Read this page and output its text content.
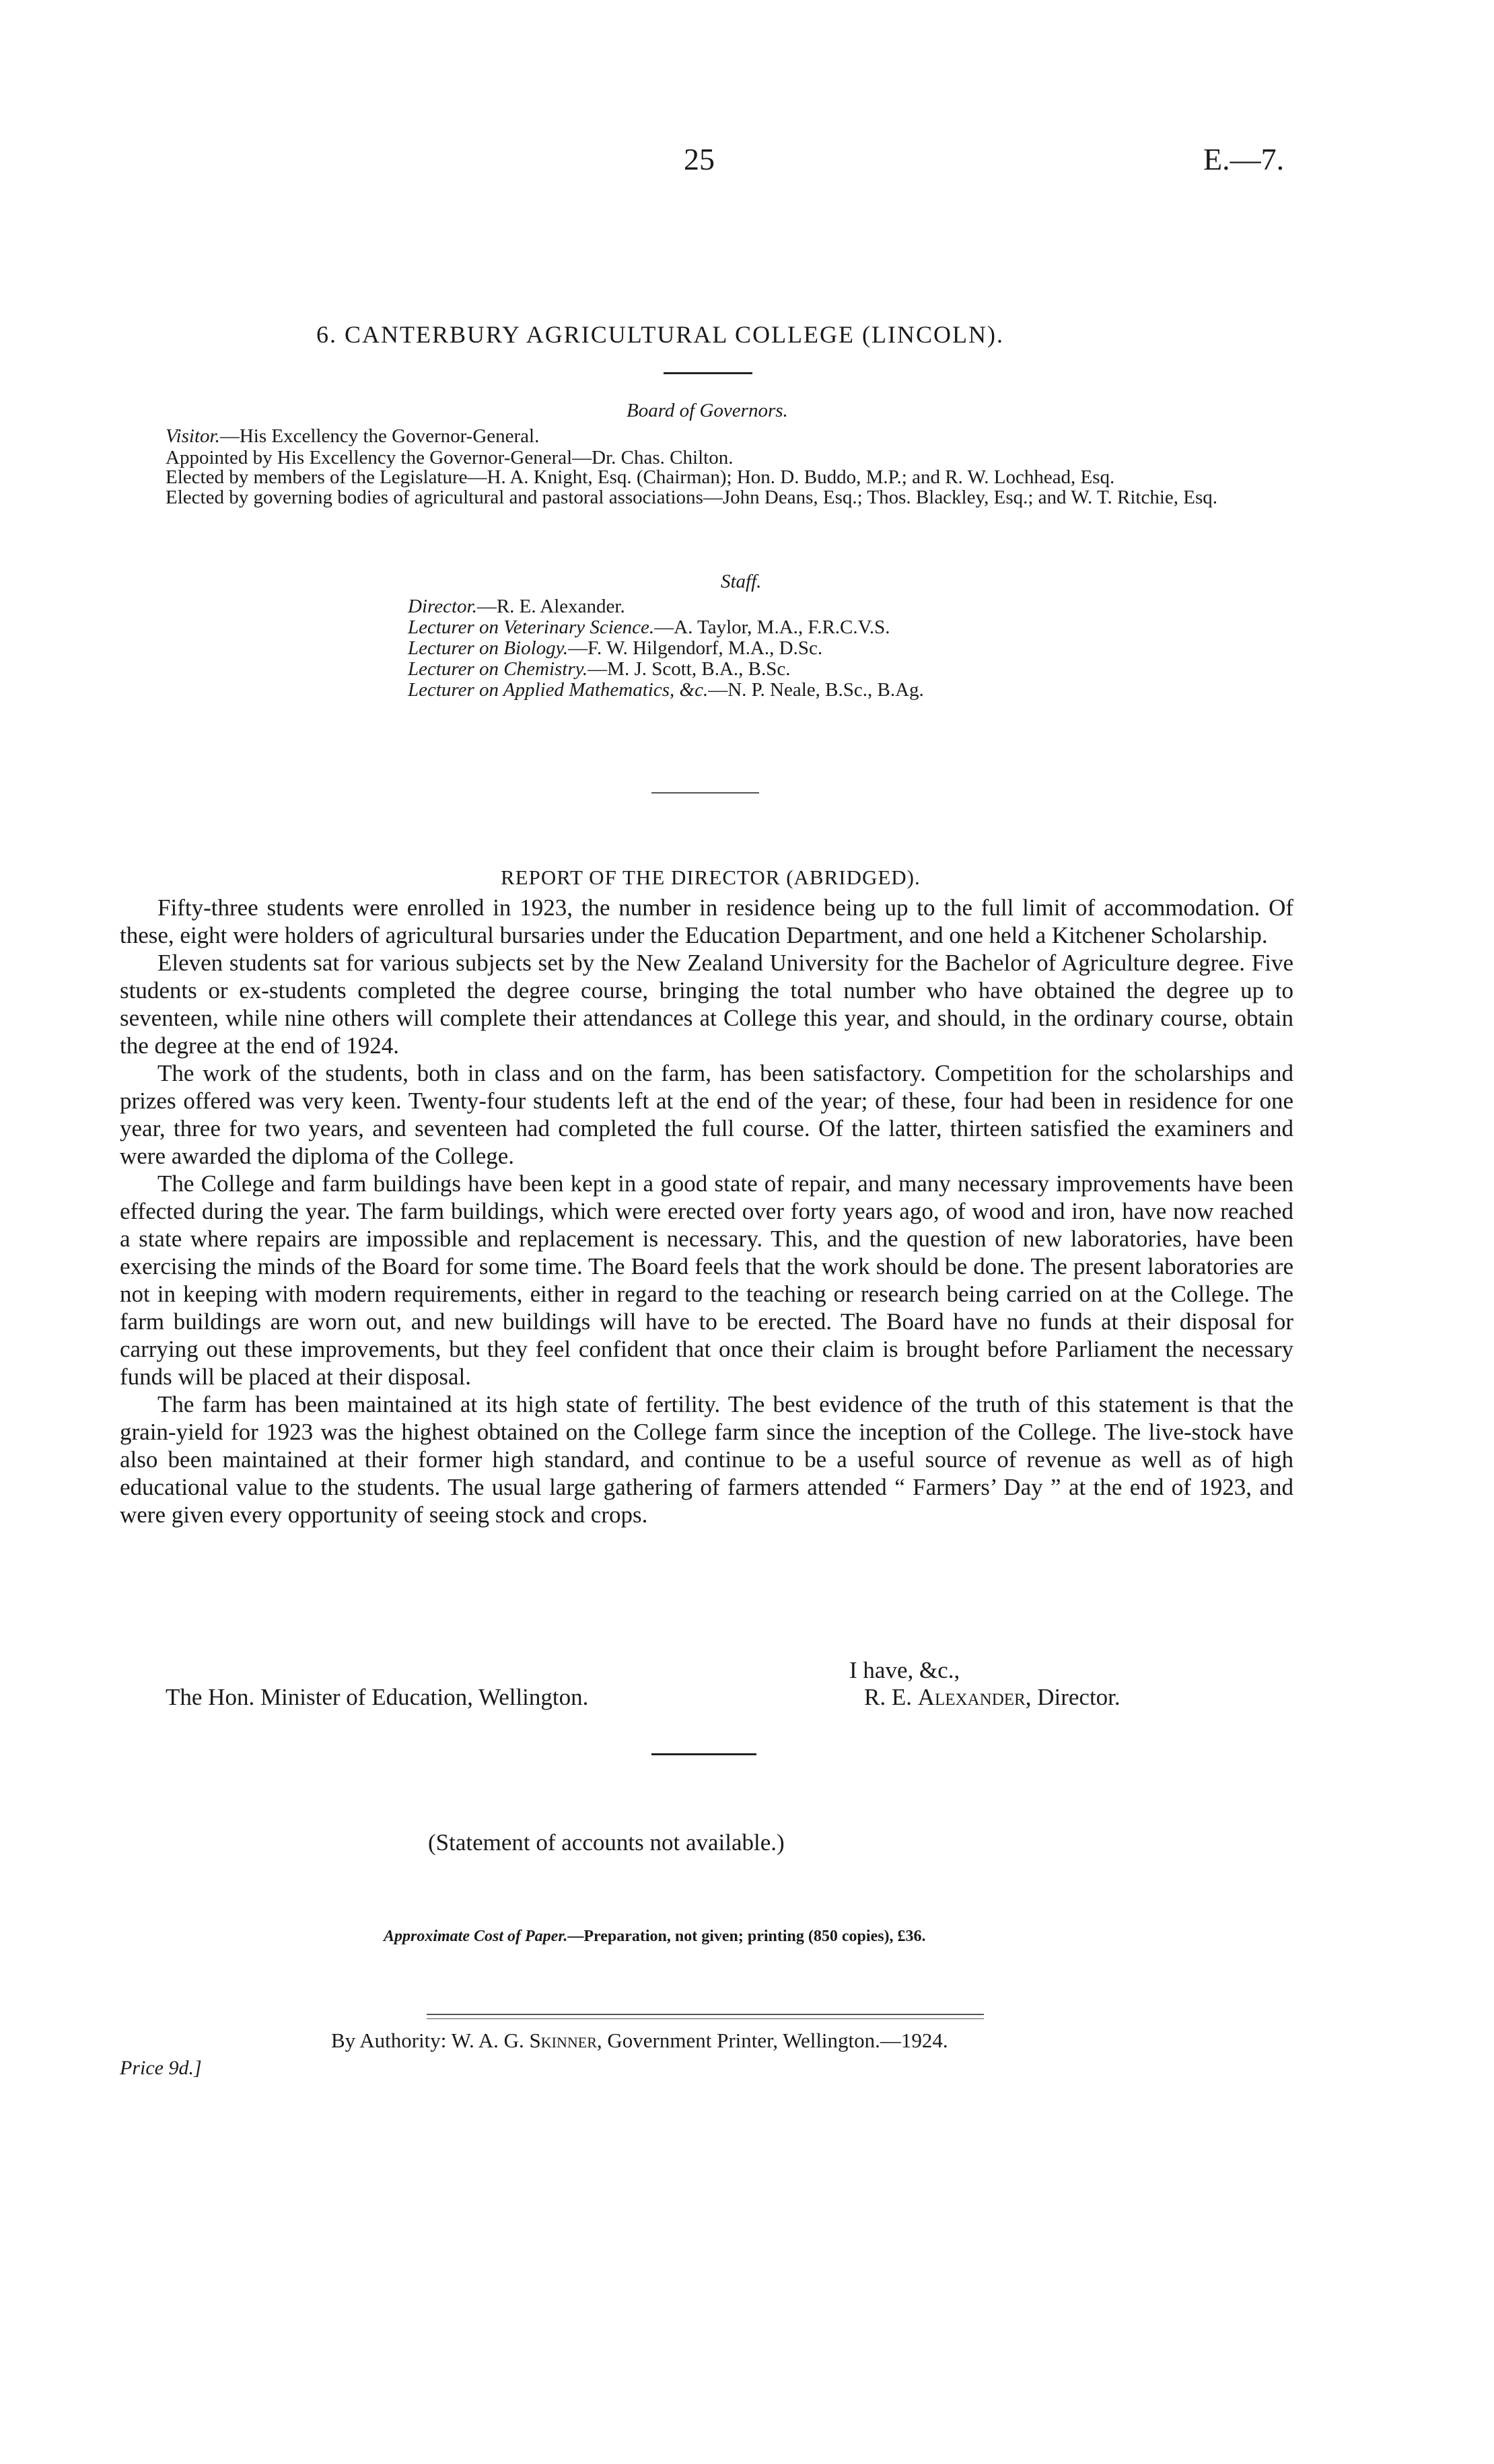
25	E.—7.
6. CANTERBURY AGRICULTURAL COLLEGE (LINCOLN).
Board of Governors.
Visitor.—His Excellency the Governor-General.
Appointed by His Excellency the Governor-General—Dr. Chas. Chilton.

Elected by members of the Legislature—H. A. Knight, Esq. (Chairman); Hon. D. Buddo, M.P.; and R. W. Lochhead, Esq.

Elected by governing bodies of agricultural and pastoral associations—John Deans, Esq.; Thos. Blackley, Esq.; and W. T. Ritchie, Esq.

Staff.
Director.—R. E. Alexander.
Lecturer on Veterinary Science.—A. Taylor, M.A., F.R.C.V.S.
Lecturer on Biology.—F. W. Hilgendorf, M.A., D.Sc.
Lecturer on Chemistry.—M. J. Scott, B.A., B.Sc.
Lecturer on Applied Mathematics, &c.—N. P. Neale, B.Sc., B.Ag.
REPORT OF THE DIRECTOR (ABRIDGED).

Fifty-three students were enrolled in 1923, the number in residence being up to the full limit of accommodation. Of these, eight were holders of agricultural bursaries under the Education Department, and one held a Kitchener Scholarship.

Eleven students sat for various subjects set by the New Zealand University for the Bachelor of Agriculture degree. Five students or ex-students completed the degree course, bringing the total number who have obtained the degree up to seventeen, while nine others will complete their attendances at College this year, and should, in the ordinary course, obtain the degree at the end of 1924.

The work of the students, both in class and on the farm, has been satisfactory. Competition for the scholarships and prizes offered was very keen. Twenty-four students left at the end of the year; of these, four had been in residence for one year, three for two years, and seventeen had completed the full course. Of the latter, thirteen satisfied the examiners and were awarded the diploma of the College.

The College and farm buildings have been kept in a good state of repair, and many necessary improvements have been effected during the year. The farm buildings, which were erected over forty years ago, of wood and iron, have now reached a state where repairs are impossible and replacement is necessary. This, and the question of new laboratories, have been exercising the minds of the Board for some time. The Board feels that the work should be done. The present laboratories are not in keeping with modern requirements, either in regard to the teaching or research being carried on at the College. The farm buildings are worn out, and new buildings will have to be erected. The Board have no funds at their disposal for carrying out these improvements, but they feel confident that once their claim is brought before Parliament the necessary funds will be placed at their disposal.

The farm has been maintained at its high state of fertility. The best evidence of the truth of this statement is that the grain-yield for 1923 was the highest obtained on the College farm since the inception of the College. The live-stock have also been maintained at their former high standard, and continue to be a useful source of revenue as well as of high educational value to the students. The usual large gathering of farmers attended “ Farmers’ Day ” at the end of 1923, and were given every opportunity of seeing stock and crops.

I have, &c.,
The Hon. Minister of Education, Wellington.	R. E. Alexander, Director.
(Statement of accounts not available.)
Approximate Cost of Paper.—Preparation, not given; printing (850 copies), £36.
By Authority: W. A. G. Skinner, Government Printer, Wellington.—1924.
Price 9d.]
